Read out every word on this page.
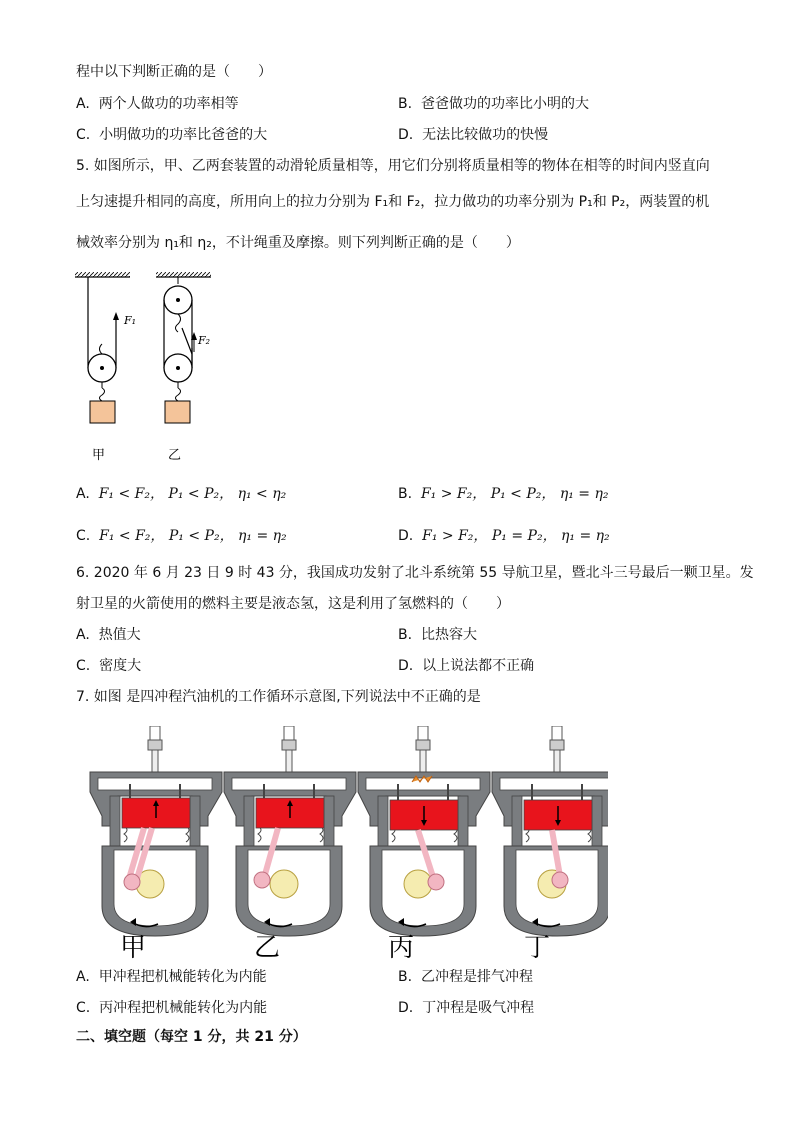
程中以下判断正确的是（　　）
A. 两个人做功的功率相等	B. 爸爸做功的功率比小明的大
C. 小明做功的功率比爸爸的大	D. 无法比较做功的快慢
5. 如图所示，甲、乙两套装置的动滑轮质量相等，用它们分别将质量相等的物体在相等的时间内竖直向
上匀速提升相同的高度，所用向上的拉力分别为 F₁和 F₂，拉力做功的功率分别为 P₁和 P₂，两装置的机
械效率分别为 η₁和 η₂，不计绳重及摩擦。则下列判断正确的是（　　）
F₁
甲
F₂
乙
A. F₁ < F₂， P₁ < P₂， η₁ < η₂	B. F₁ > F₂， P₁ < P₂， η₁ = η₂
C. F₁ < F₂， P₁ < P₂， η₁ = η₂	D. F₁ > F₂， P₁ = P₂， η₁ = η₂
6. 2020 年 6 月 23 日 9 时 43 分，我国成功发射了北斗系统第 55 导航卫星，暨北斗三号最后一颗卫星。发
射卫星的火箭使用的燃料主要是液态氢，这是利用了氢燃料的（　　）
A. 热值大	B. 比热容大
C. 密度大	D. 以上说法都不正确
7. 如图 是四冲程汽油机的工作循环示意图,下列说法中不正确的是
甲	乙	丙	丁
A. 甲冲程把机械能转化为内能	B. 乙冲程是排气冲程
C. 丙冲程把机械能转化为内能	D. 丁冲程是吸气冲程
二、填空题（每空 1 分，共 21 分）
